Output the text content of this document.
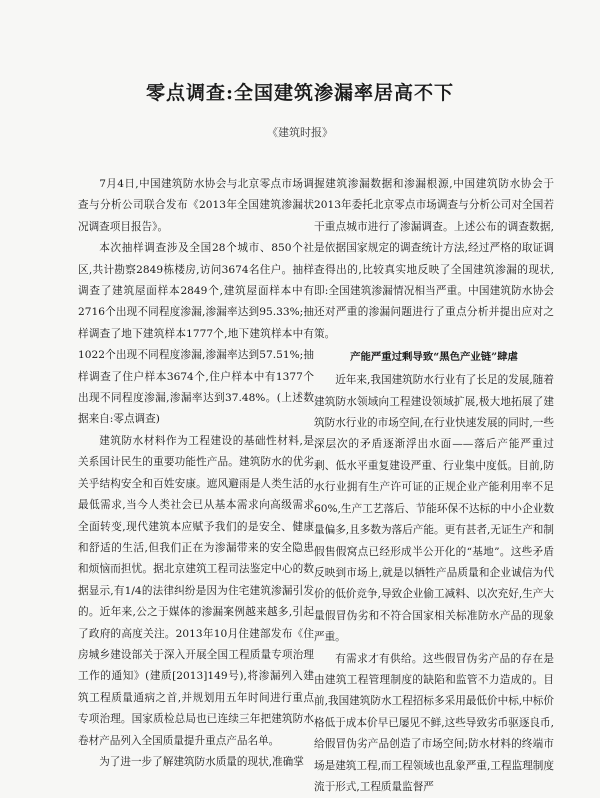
零点调查:全国建筑渗漏率居高不下
《建筑时报》

7月4日,中国建筑防水协会与北京零点市场调查与分析公司联合发布《2013年全国建筑渗漏状况调查项目报告》。

本次抽样调查涉及全国28个城市、850个社区,共计勘察2849栋楼房,访问3674名住户。抽样调查了建筑屋面样本2849个,建筑屋面样本中有2716个出现不同程度渗漏,渗漏率达到95.33%;抽样调查了地下建筑样本1777个,地下建筑样本中有1022个出现不同程度渗漏,渗漏率达到57.51%;抽样调查了住户样本3674个,住户样本中有1377个出现不同程度渗漏,渗漏率达到37.48%。(上述数据来自:零点调查)

建筑防水材料作为工程建设的基础性材料,是关系国计民生的重要功能性产品。建筑防水的优劣关乎结构安全和百姓安康。遮风避雨是人类生活的最低需求,当今人类社会已从基本需求向高级需求全面转变,现代建筑本应赋予我们的是安全、健康和舒适的生活,但我们正在为渗漏带来的安全隐患和烦恼而担忧。据北京建筑工程司法鉴定中心的数据显示,有1/4的法律纠纷是因为住宅建筑渗漏引发的。近年来,公之于媒体的渗漏案例越来越多,引起了政府的高度关注。2013年10月住建部发布《住房城乡建设部关于深入开展全国工程质量专项治理工作的通知》(建质[2013]149号),将渗漏列入建筑工程质量通病之首,并规划用五年时间进行重点专项治理。国家质检总局也已连续三年把建筑防水卷材产品列入全国质量提升重点产品名单。

为了进一步了解建筑防水质量的现状,准确掌

握建筑渗漏数据和渗漏根源,中国建筑防水协会于2013年委托北京零点市场调查与分析公司对全国若干重点城市进行了渗漏调查。上述公布的调查数据,是依据国家规定的调查统计方法,经过严格的取证调查得出的,比较真实地反映了全国建筑渗漏的现状,即:全国建筑渗漏情况相当严重。中国建筑防水协会还对严重的渗漏问题进行了重点分析并提出应对之策。

产能严重过剩导致“黑色产业链”肆虐

近年来,我国建筑防水行业有了长足的发展,随着建筑防水领域向工程建设领域扩展,极大地拓展了建筑防水行业的市场空间,在行业快速发展的同时,一些深层次的矛盾逐渐浮出水面——落后产能严重过剩、低水平重复建设严重、行业集中度低。目前,防水行业拥有生产许可证的正规企业产能利用率不足60%,生产工艺落后、节能环保不达标的中小企业数量偏多,且多数为落后产能。更有甚者,无证生产和制假售假窝点已经形成半公开化的“基地”。这些矛盾反映到市场上,就是以牺牲产品质量和企业诚信为代价的低价竞争,导致企业偷工减料、以次充好,生产大量假冒伪劣和不符合国家相关标准防水产品的现象严重。

有需求才有供给。这些假冒伪劣产品的存在是由建筑工程管理制度的缺陷和监管不力造成的。目前,我国建筑防水工程招标多采用最低价中标,中标价格低于成本价早已屡见不鲜,这些导致劣币驱逐良币,给假冒伪劣产品创造了市场空间;防水材料的终端市场是建筑工程,而工程领域也乱象严重,工程监理制度流于形式,工程质量监督严
